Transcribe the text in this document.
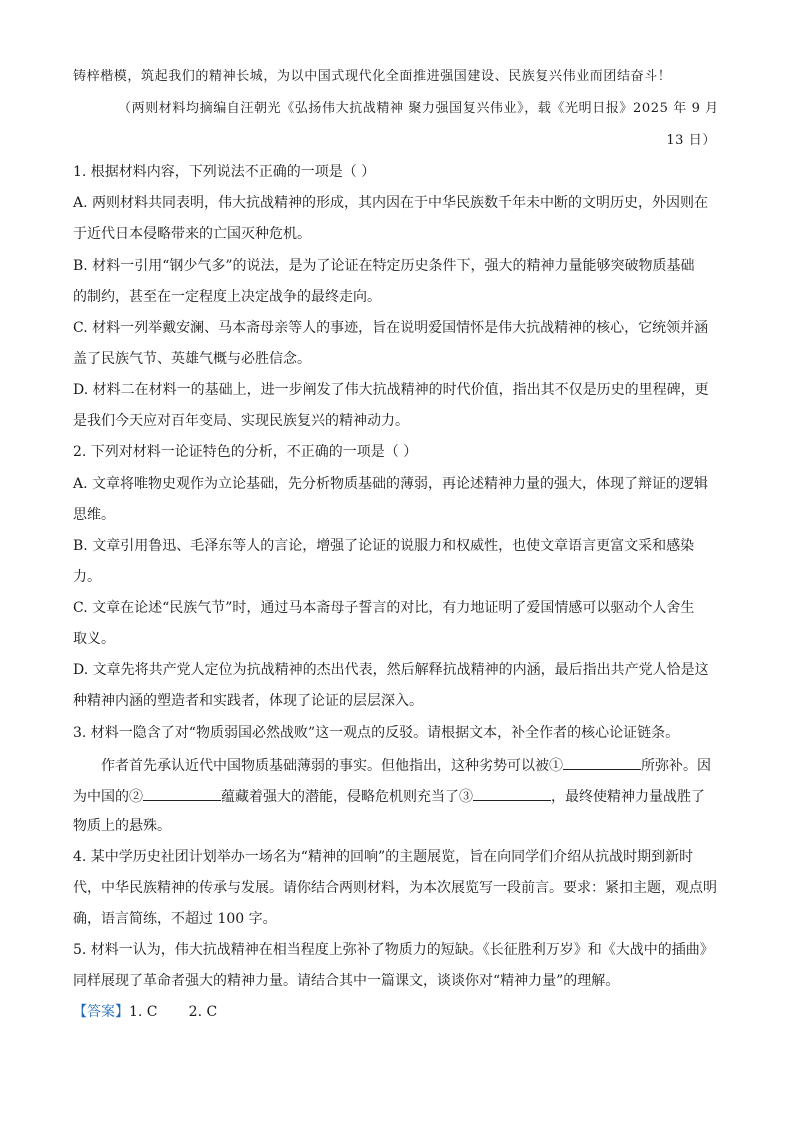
铸梓楷模，筑起我们的精神长城，为以中国式现代化全面推进强国建设、民族复兴伟业而团结奋斗！
（两则材料均摘编自汪朝光《弘扬伟大抗战精神 聚力强国复兴伟业》，载《光明日报》2025 年 9 月
13 日）
1. 根据材料内容，下列说法不正确的一项是（ ）
A. 两则材料共同表明，伟大抗战精神的形成，其内因在于中华民族数千年未中断的文明历史，外因则在
于近代日本侵略带来的亡国灭种危机。
B. 材料一引用“钢少气多”的说法，是为了论证在特定历史条件下，强大的精神力量能够突破物质基础
的制约，甚至在一定程度上决定战争的最终走向。
C. 材料一列举戴安澜、马本斋母亲等人的事迹，旨在说明爱国情怀是伟大抗战精神的核心，它统领并涵
盖了民族气节、英雄气概与必胜信念。
D. 材料二在材料一的基础上，进一步阐发了伟大抗战精神的时代价值，指出其不仅是历史的里程碑，更
是我们今天应对百年变局、实现民族复兴的精神动力。
2. 下列对材料一论证特色的分析，不正确的一项是（ ）
A. 文章将唯物史观作为立论基础，先分析物质基础的薄弱，再论述精神力量的强大，体现了辩证的逻辑
思维。
B. 文章引用鲁迅、毛泽东等人的言论，增强了论证的说服力和权威性，也使文章语言更富文采和感染
力。
C. 文章在论述“民族气节”时，通过马本斋母子誓言的对比，有力地证明了爱国情感可以驱动个人舍生
取义。
D. 文章先将共产党人定位为抗战精神的杰出代表，然后解释抗战精神的内涵，最后指出共产党人恰是这
种精神内涵的塑造者和实践者，体现了论证的层层深入。
3. 材料一隐含了对“物质弱国必然战败”这一观点的反驳。请根据文本，补全作者的核心论证链条。
作者首先承认近代中国物质基础薄弱的事实。但他指出，这种劣势可以被①	所弥补。因
为中国的②	蕴藏着强大的潜能，侵略危机则充当了③	，最终使精神力量战胜了
物质上的悬殊。
4. 某中学历史社团计划举办一场名为“精神的回响”的主题展览，旨在向同学们介绍从抗战时期到新时
代，中华民族精神的传承与发展。请你结合两则材料，为本次展览写一段前言。要求：紧扣主题，观点明
确，语言简练，不超过 100 字。
5. 材料一认为，伟大抗战精神在相当程度上弥补了物质力的短缺。《长征胜利万岁》和《大战中的插曲》
同样展现了革命者强大的精神力量。请结合其中一篇课文，谈谈你对“精神力量”的理解。
【答案】1. C       2. C
